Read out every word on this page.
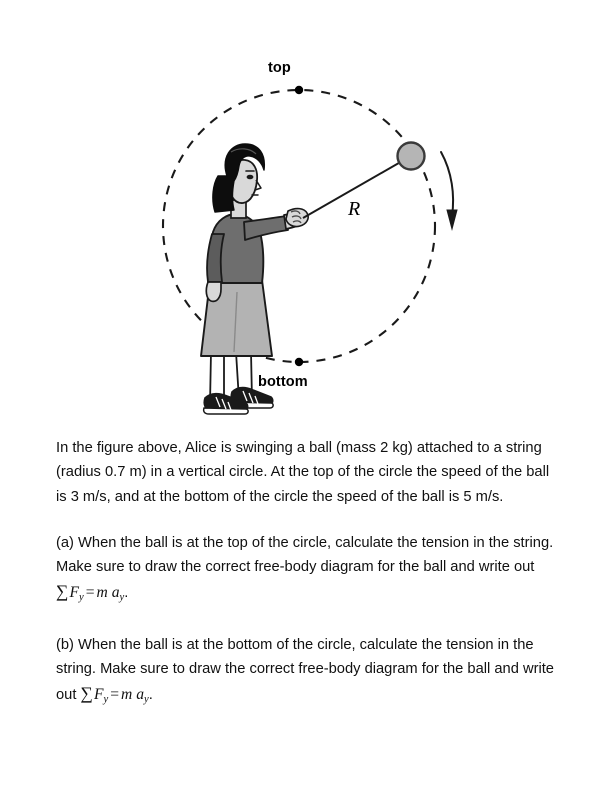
top
bottom
R

In the figure above, Alice is swinging a ball (mass 2 kg) attached to a string (radius 0.7 m) in a vertical circle. At the top of the circle the speed of the ball is 3 m/s, and at the bottom of the circle the speed of the ball is 5 m/s.

(a) When the ball is at the top of the circle, calculate the tension in the string. Make sure to draw the correct free-body diagram for the ball and write out $\sum F_y = m$ $a_y$.

(b) When the ball is at the bottom of the circle, calculate the tension in the string. Make sure to draw the correct free-body diagram for the ball and write out $\sum F_y = m$ $a_y$.
